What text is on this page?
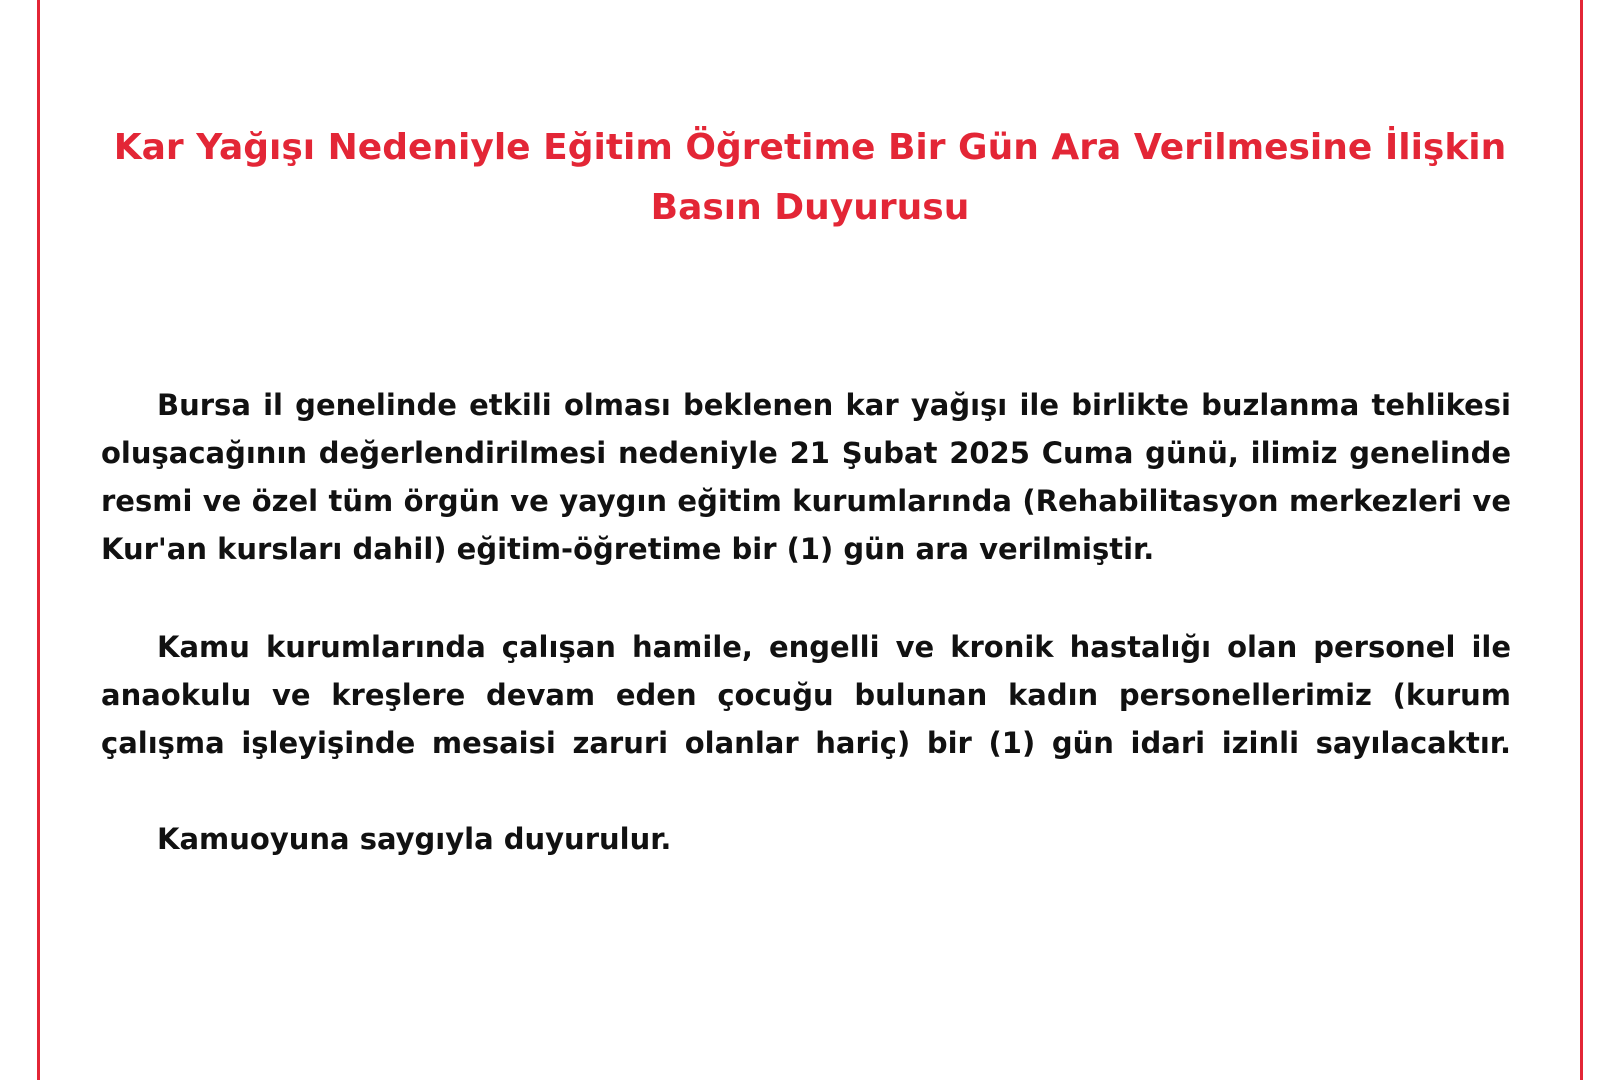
Kar Yağışı Nedeniyle Eğitim Öğretime Bir Gün Ara Verilmesine İlişkin
Basın Duyurusu

Bursa il genelinde etkili olması beklenen kar yağışı ile birlikte buzlanma tehlikesi
oluşacağının değerlendirilmesi nedeniyle 21 Şubat 2025 Cuma günü, ilimiz genelinde
resmi ve özel tüm örgün ve yaygın eğitim kurumlarında (Rehabilitasyon merkezleri ve
Kur'an kursları dahil) eğitim-öğretime bir (1) gün ara verilmiştir.

Kamu kurumlarında çalışan hamile, engelli ve kronik hastalığı olan personel ile
anaokulu ve kreşlere devam eden çocuğu bulunan kadın personellerimiz (kurum
çalışma işleyişinde mesaisi zaruri olanlar hariç) bir (1) gün idari izinli sayılacaktır.

Kamuoyuna saygıyla duyurulur.
